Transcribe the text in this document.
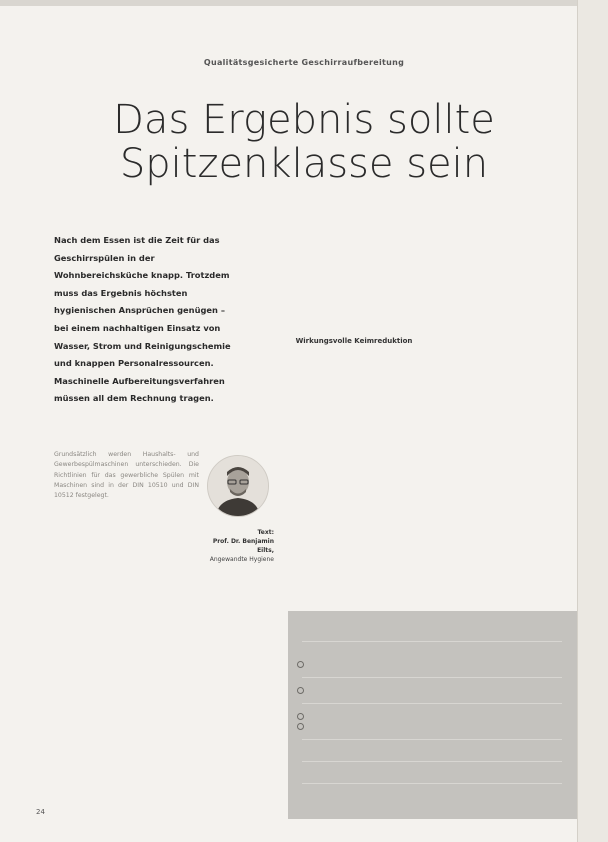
Qualitätsgesicherte Geschirraufbereitung
Das Ergebnis sollte
Spitzenklasse sein
Nach dem Essen ist die Zeit für das Geschirrspülen in der Wohnbereichsküche knapp. Trotzdem muss das Ergebnis höchsten hygienischen Ansprüchen genügen – bei einem nachhaltigen Einsatz von Wasser, Strom und Reinigungschemie und knappen Personalressourcen. Maschinelle Aufbereitungsverfahren müssen all dem Rechnung tragen.
Grundsätzlich werden Haushalts- und Gewerbespülmaschinen unterschieden. Die Richtlinien für das gewerbliche Spülen mit Maschinen sind in der DIN 10510 und DIN 10512 festgelegt.
Wirkungsvolle Keimreduktion
Text:
Prof. Dr. Benjamin Eilts,
Angewandte Hygiene
24
